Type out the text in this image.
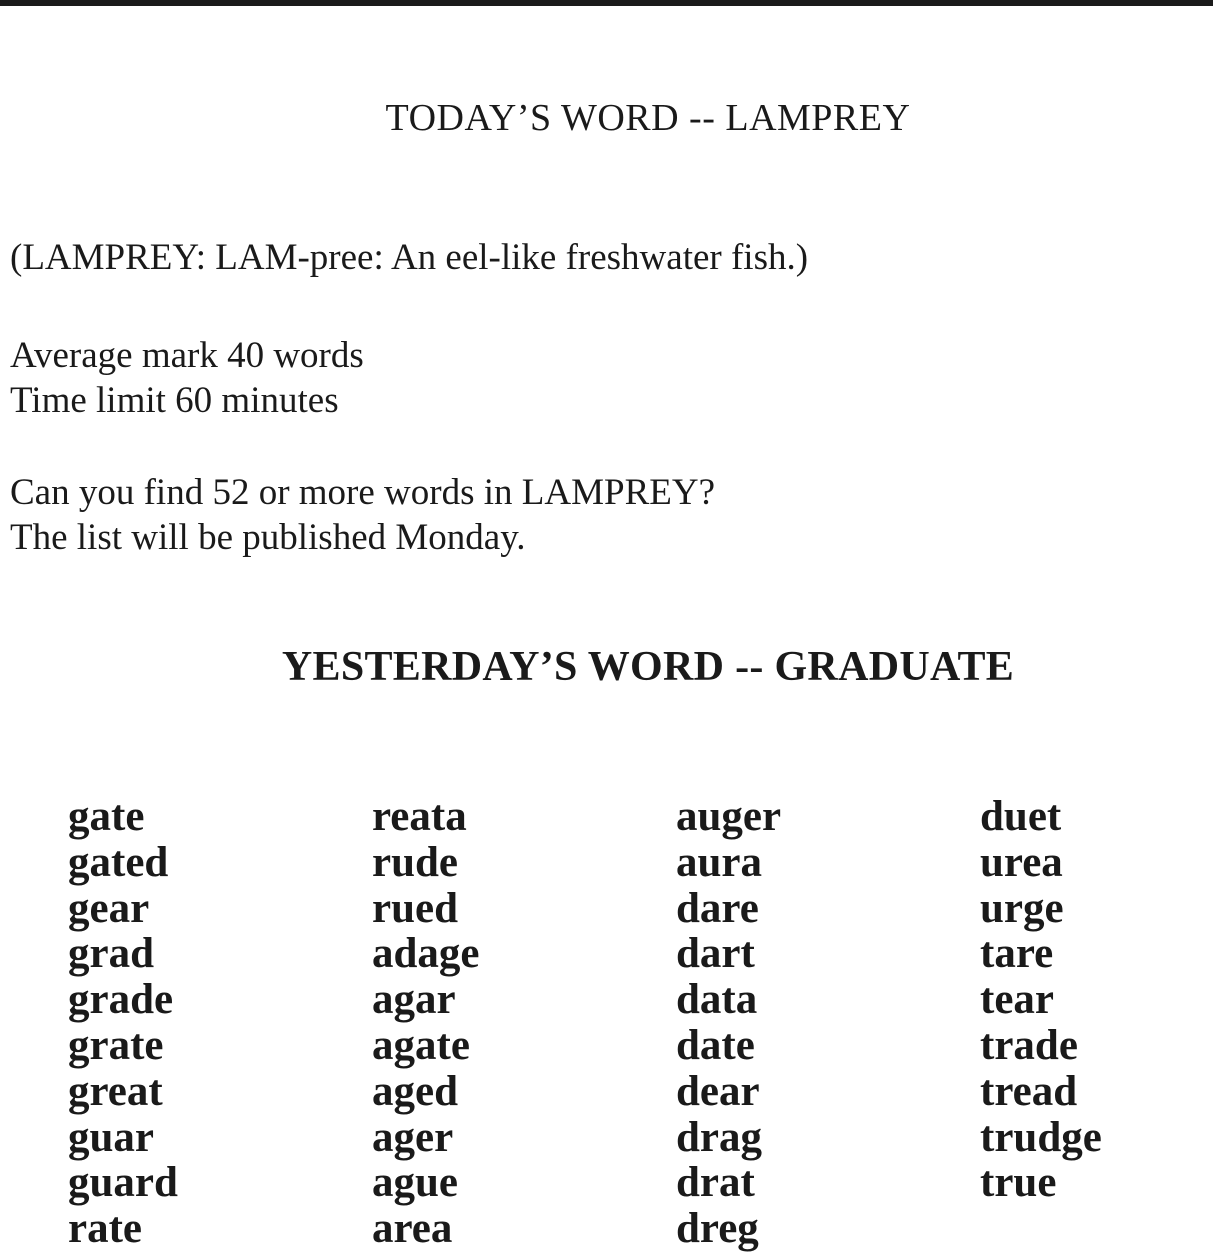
TODAY’S WORD -- LAMPREY

(LAMPREY: LAM-pree: An eel-like freshwater fish.)

Average mark 40 words
Time limit 60 minutes
Can you find 52 or more words in LAMPREY?
The list will be published Monday.
YESTERDAY’S WORD -- GRADUATE
gate
gated
gear
grad
grade
grate
great
guar
guard
rate
reata
rude
rued
adage
agar
agate
aged
ager
ague
area
auger
aura
dare
dart
data
date
dear
drag
drat
dreg
duet
urea
urge
tare
tear
trade
tread
trudge
true
